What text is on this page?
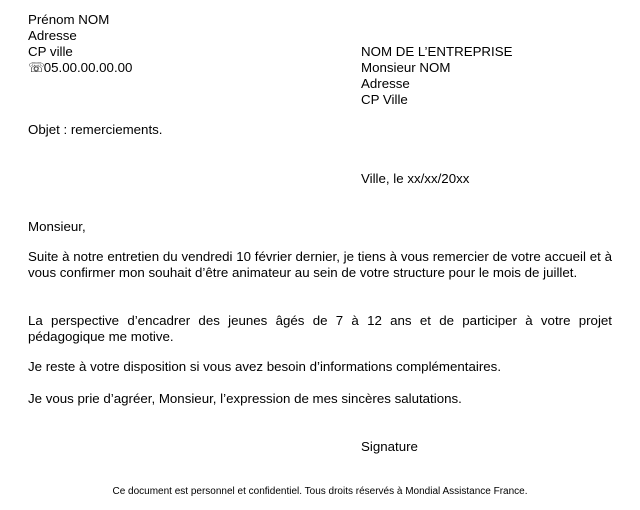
Prénom NOM
Adresse
CP ville
☏ 05.00.00.00.00
NOM DE L’ENTREPRISE
Monsieur NOM
Adresse
CP Ville

Objet : remerciements.

Ville, le xx/xx/20xx

Monsieur,

Suite à notre entretien du vendredi 10 février dernier, je tiens à vous remercier de votre accueil et à vous confirmer mon souhait d’être animateur au sein de votre structure pour le mois de juillet.

La perspective d’encadrer des jeunes âgés de 7 à 12 ans et de participer à votre projet pédagogique me motive.

Je reste à votre disposition si vous avez besoin d’informations complémentaires.

Je vous prie d’agréer, Monsieur, l’expression de mes sincères salutations.

Signature

Ce document est personnel et confidentiel. Tous droits réservés à Mondial Assistance France.
